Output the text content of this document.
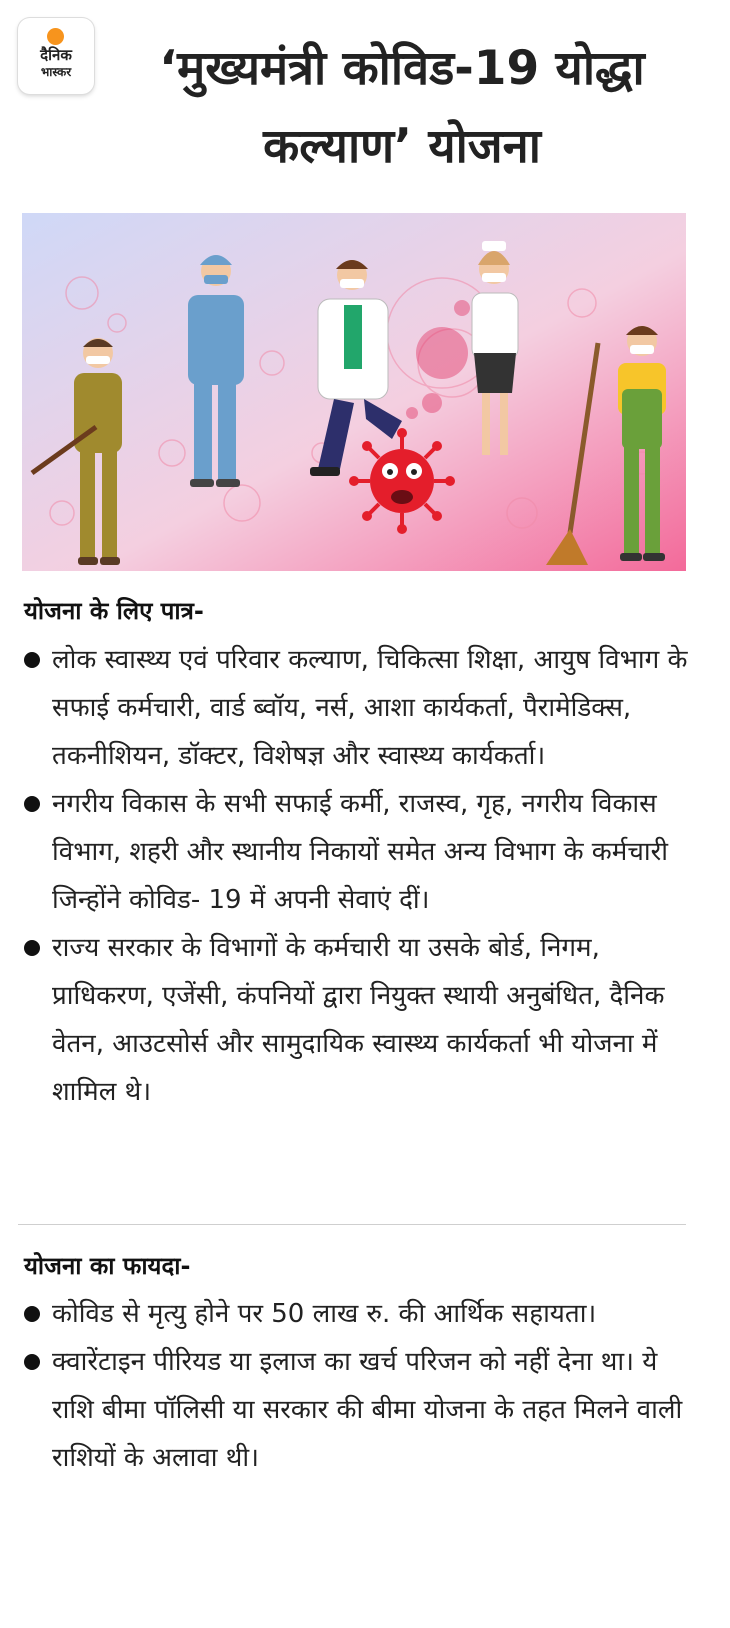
दैनिक
भास्कर	‘मुख्यमंत्री कोविड-19 योद्धा कल्याण’ योजना
योजना के लिए पात्र-
लोक स्वास्थ्य एवं परिवार कल्याण, चिकित्सा शिक्षा, आयुष विभाग के सफाई कर्मचारी, वार्ड ब्वॉय, नर्स, आशा कार्यकर्ता, पैरामेडिक्स, तकनीशियन, डॉक्टर, विशेषज्ञ और स्वास्थ्य कार्यकर्ता।
नगरीय विकास के सभी सफाई कर्मी, राजस्व, गृह, नगरीय विकास विभाग, शहरी और स्थानीय निकायों समेत अन्य विभाग के कर्मचारी जिन्होंने कोविड- 19 में अपनी सेवाएं दीं।
राज्य सरकार के विभागों के कर्मचारी या उसके बोर्ड, निगम, प्राधिकरण, एजेंसी, कंपनियों द्वारा नियुक्त स्थायी अनुबंधित, दैनिक वेतन, आउटसोर्स और सामुदायिक स्वास्थ्य कार्यकर्ता भी योजना में शामिल थे।
योजना का फायदा-
कोविड से मृत्यु होने पर 50 लाख रु. की आर्थिक सहायता।
क्वारेंटाइन पीरियड या इलाज का खर्च परिजन को नहीं देना था। ये राशि बीमा पॉलिसी या सरकार की बीमा योजना के तहत मिलने वाली राशियों के अलावा थी।
